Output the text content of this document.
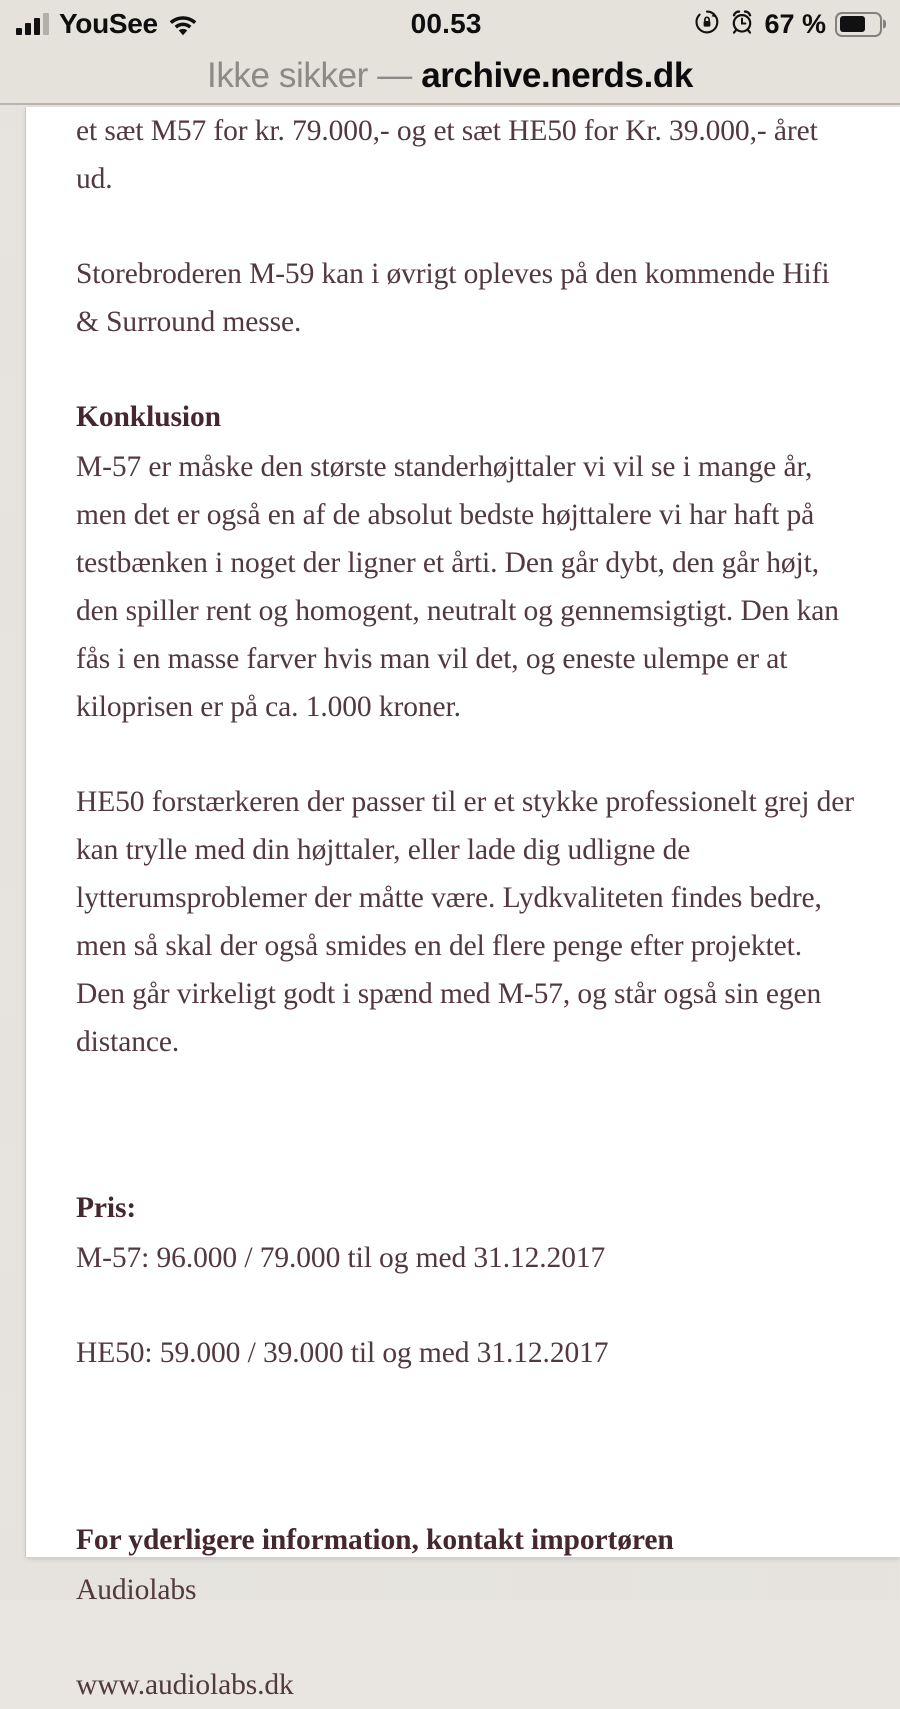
YouSee	00.53	67 %
Ikke sikker — archive.nerds.dk

et sæt M57 for kr. 79.000,- og et sæt HE50 for Kr. 39.000,- året ud.

Storebroderen M-59 kan i øvrigt opleves på den kommende Hifi & Surround messe.

Konklusion

M-57 er måske den største standerhøjttaler vi vil se i mange år, men det er også en af de absolut bedste højttalere vi har haft på testbænken i noget der ligner et årti. Den går dybt, den går højt, den spiller rent og homogent, neutralt og gennemsigtigt. Den kan fås i en masse farver hvis man vil det, og eneste ulempe er at kiloprisen er på ca. 1.000 kroner.

HE50 forstærkeren der passer til er et stykke professionelt grej der kan trylle med din højttaler, eller lade dig udligne de lytterumsproblemer der måtte være. Lydkvaliteten findes bedre, men så skal der også smides en del flere penge efter projektet. Den går virkeligt godt i spænd med M-57, og står også sin egen distance.

Pris:

M-57: 96.000 / 79.000 til og med 31.12.2017

HE50: 59.000 / 39.000 til og med 31.12.2017

For yderligere information, kontakt importøren

Audiolabs

www.audiolabs.dk
